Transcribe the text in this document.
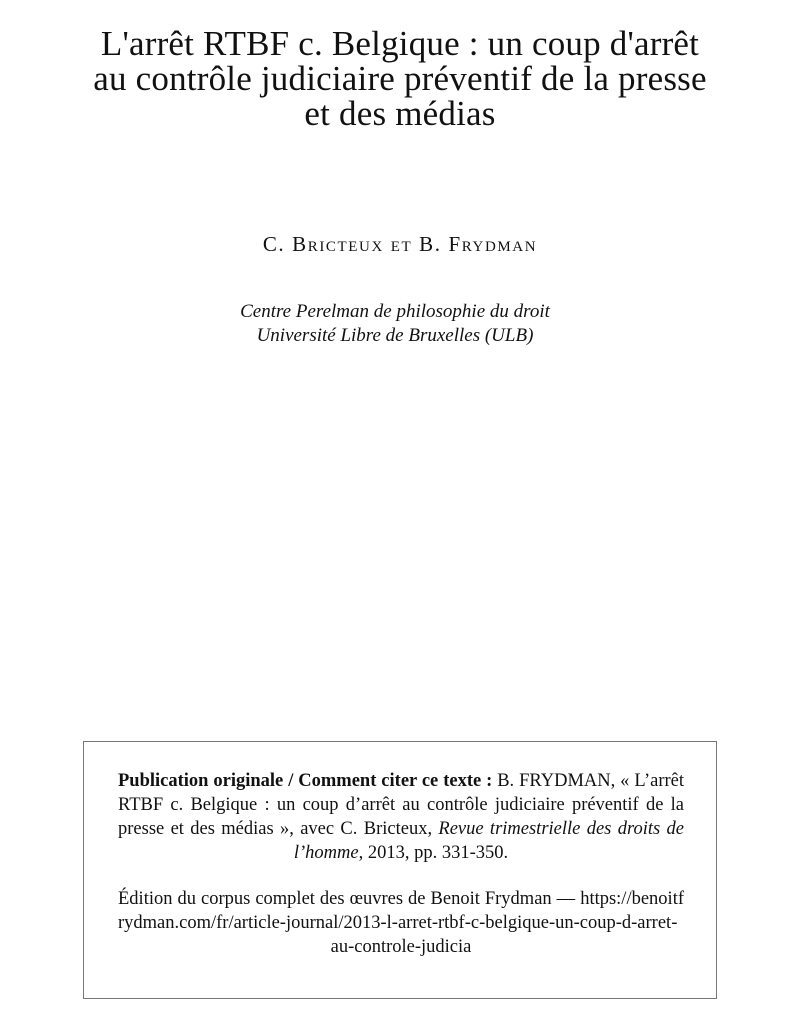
L'arrêt RTBF c. Belgique : un coup d'arrêt
au contrôle judiciaire préventif de la presse
et des médias
C. Bricteux et B. Frydman
Centre Perelman de philosophie du droit
Université Libre de Bruxelles (ULB)

Publication originale / Comment citer ce texte : B. FRYDMAN, « L’arrêt RTBF c. Belgique : un coup d’arrêt au contrôle judiciaire préventif de la presse et des médias », avec C. Bricteux, Revue trimestrielle des droits de l’homme, 2013, pp. 331-350.

Édition du corpus complet des œuvres de Benoit Frydman — https://benoitfrydman.com/fr/article-journal/2013-l-arret-rtbf-c-belgique-un-coup-d-arret-au-controle-judicia
